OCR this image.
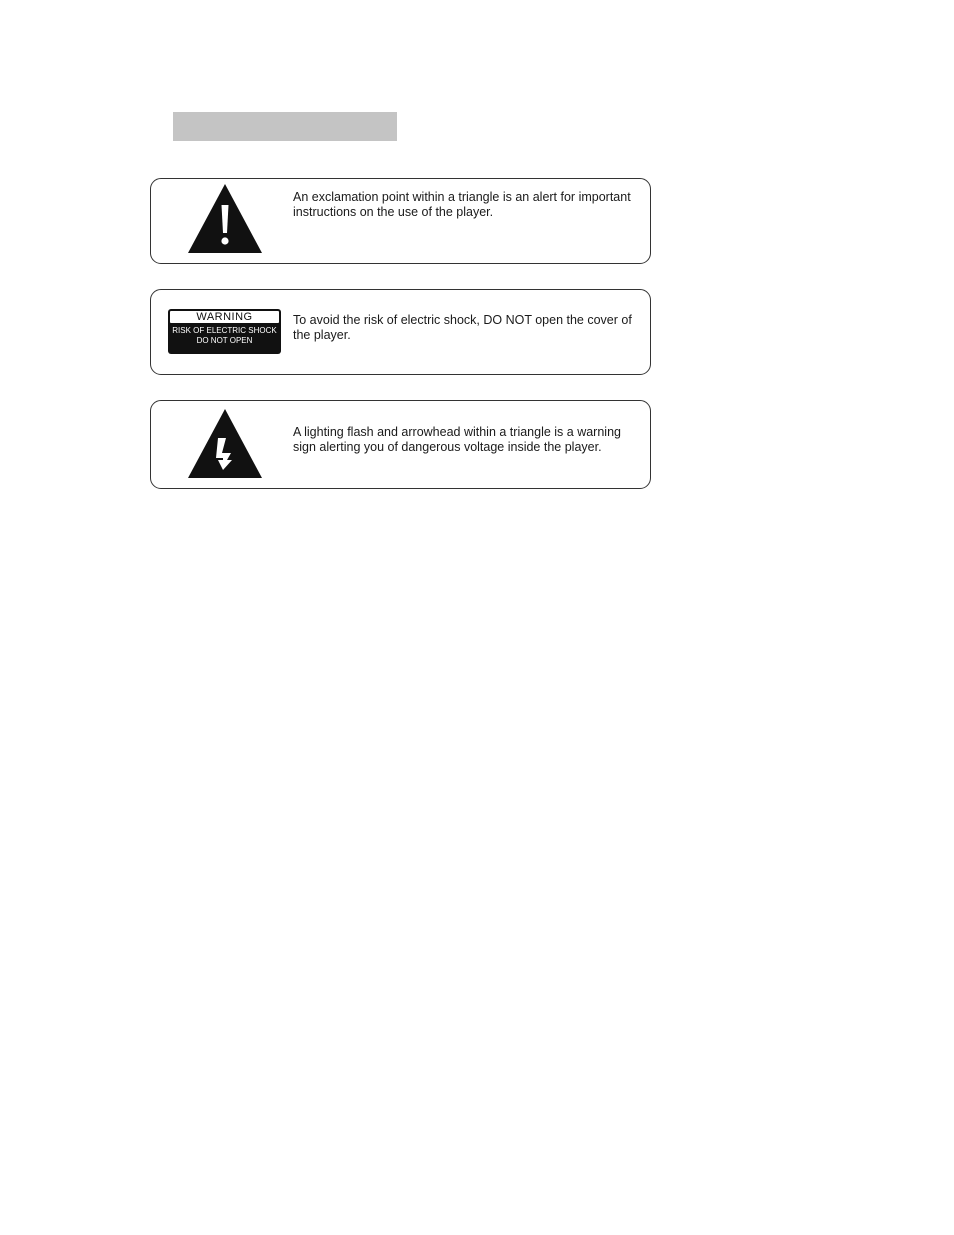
An exclamation point within a triangle is an alert for important instructions on the use of the player.
WARNING
RISK OF ELECTRIC SHOCK
DO NOT OPEN
To avoid the risk of electric shock, DO NOT open the cover of the player.
A lighting flash and arrowhead within a triangle is a warning sign alerting you of dangerous voltage inside the player.
